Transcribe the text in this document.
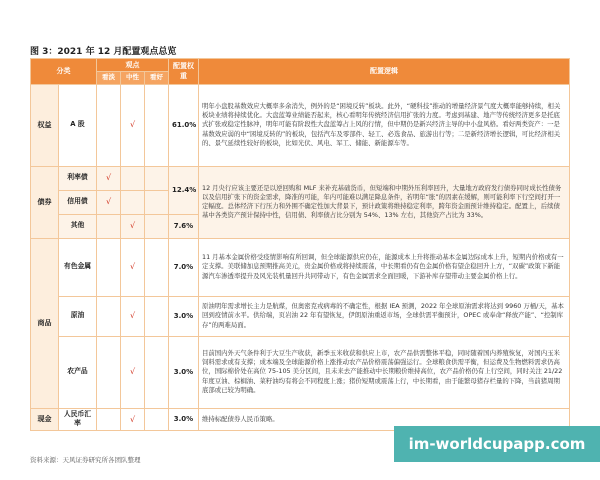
图 3：2021 年 12 月配置观点总览
分类		观点			配置权重	配置逻辑
		看淡	中性	看好		
权益	A 股		√		61.0%	明年小盘股基数效应大概率多余消失，例外的是“困境反转”板块。此外，“硬科技”推动的增量经济景气度大概率能够持续，相关板块业绩将持续优化。大盘蓝筹业绩能否起来，核心看明年传统经济信用扩张的力度。考虑到基建、地产等传统经济更多是托底式扩张或稳定性脉冲，明年可能有阶段性大盘蓝筹占上风的行情，但中期仍是新兴经济主导的中小盘风格。看好两类资产：一是基数效应弱的中“困境反转的”的板块，包括汽车及零部件、轻工、必选食品、旅游出行等；二是新经济增长逻辑，可比经济相关的、景气延续性较好的板块，比如光伏、风电、军工、储能、新能源车等。
债券	利率债	√			12.4%	12 月央行应该主要还是以逆回购和 MLF 来补充基础货币，但短端和中期外压利率回升，大量地方政府发行债券同时成长性债务以及信用扩张下的资金需求，降准的可能，年内可能难以满足降息条件，若明年“胀”的因素在缓解，则可能利率下行空间打开一定幅度。总体经济下行压力和外围不确定性加大背景下，预计政策将维持稳定利率，跨年资金面预计维持稳定。配置上，后续债基中各类资产预计保持中性，信用债、利率债占比分别为 54%、13% 左右，其他资产占比为 33%。
	信用债	√				
	其他		√		7.6%	
商品	有色金属		√		7.0%	11 月基本金属价格受疫情影响有所回调，但全球能源供应仍在，能源成本上升将推动基本金属边际成本上升，短期内价格或有一定支撑。美联储加息预期推高美元，贵金属价格或将持续震荡，中长期看仍有色金属价格有望企稳回升上方，“双碳”政策下新能源汽车渗透率提升及风光装机量回升共同带动下，有色金属需求全面回暖，下游补库存望带动主要金属价格上行。
	原油		√		3.0%	原油明年需求增长主力是航煤，但奥密克戎病毒的不确定性，根据 IEA 预测，2022 年全球原油需求将达到 9960 万桶/天，基本回到疫情前水平。供给端，页岩油 22 年有望恢复，伊朗原油重返市场，全球供需平衡预计，OPEC 或奉命“释放产能”、“控制库存”的两难局面。
	农产品		√		3.0%	目前国内外天气条件利于大豆生产收获，新季玉米收获和供应上市，农产品供需整体平稳，同时随着国内养殖恢复，对国内玉米饲料需求或有支撑；成本端及全球能源价格上涨推动农产品价格震荡偏强运行。全球粮食供需平衡，但运费及生物燃料需求仍高位，国际棉价处在高位 75-105 美分区间，且未来去产能推动中长期粮价维持高位，农产品价格仍有上行空间，同时关注 21/22 年度豆油、棕榈油、菜籽油均有将会不同程度上涨；猪价短期或震荡上行，中长期看，由于能繁母猪存栏量的下降，当前猪周期底部或已较为明确。
现金	人民币汇率		√		3.0%	维持标配债券人民币策略。
资料来源：天风证券研究所各团队整理
im-worldcupapp.com
